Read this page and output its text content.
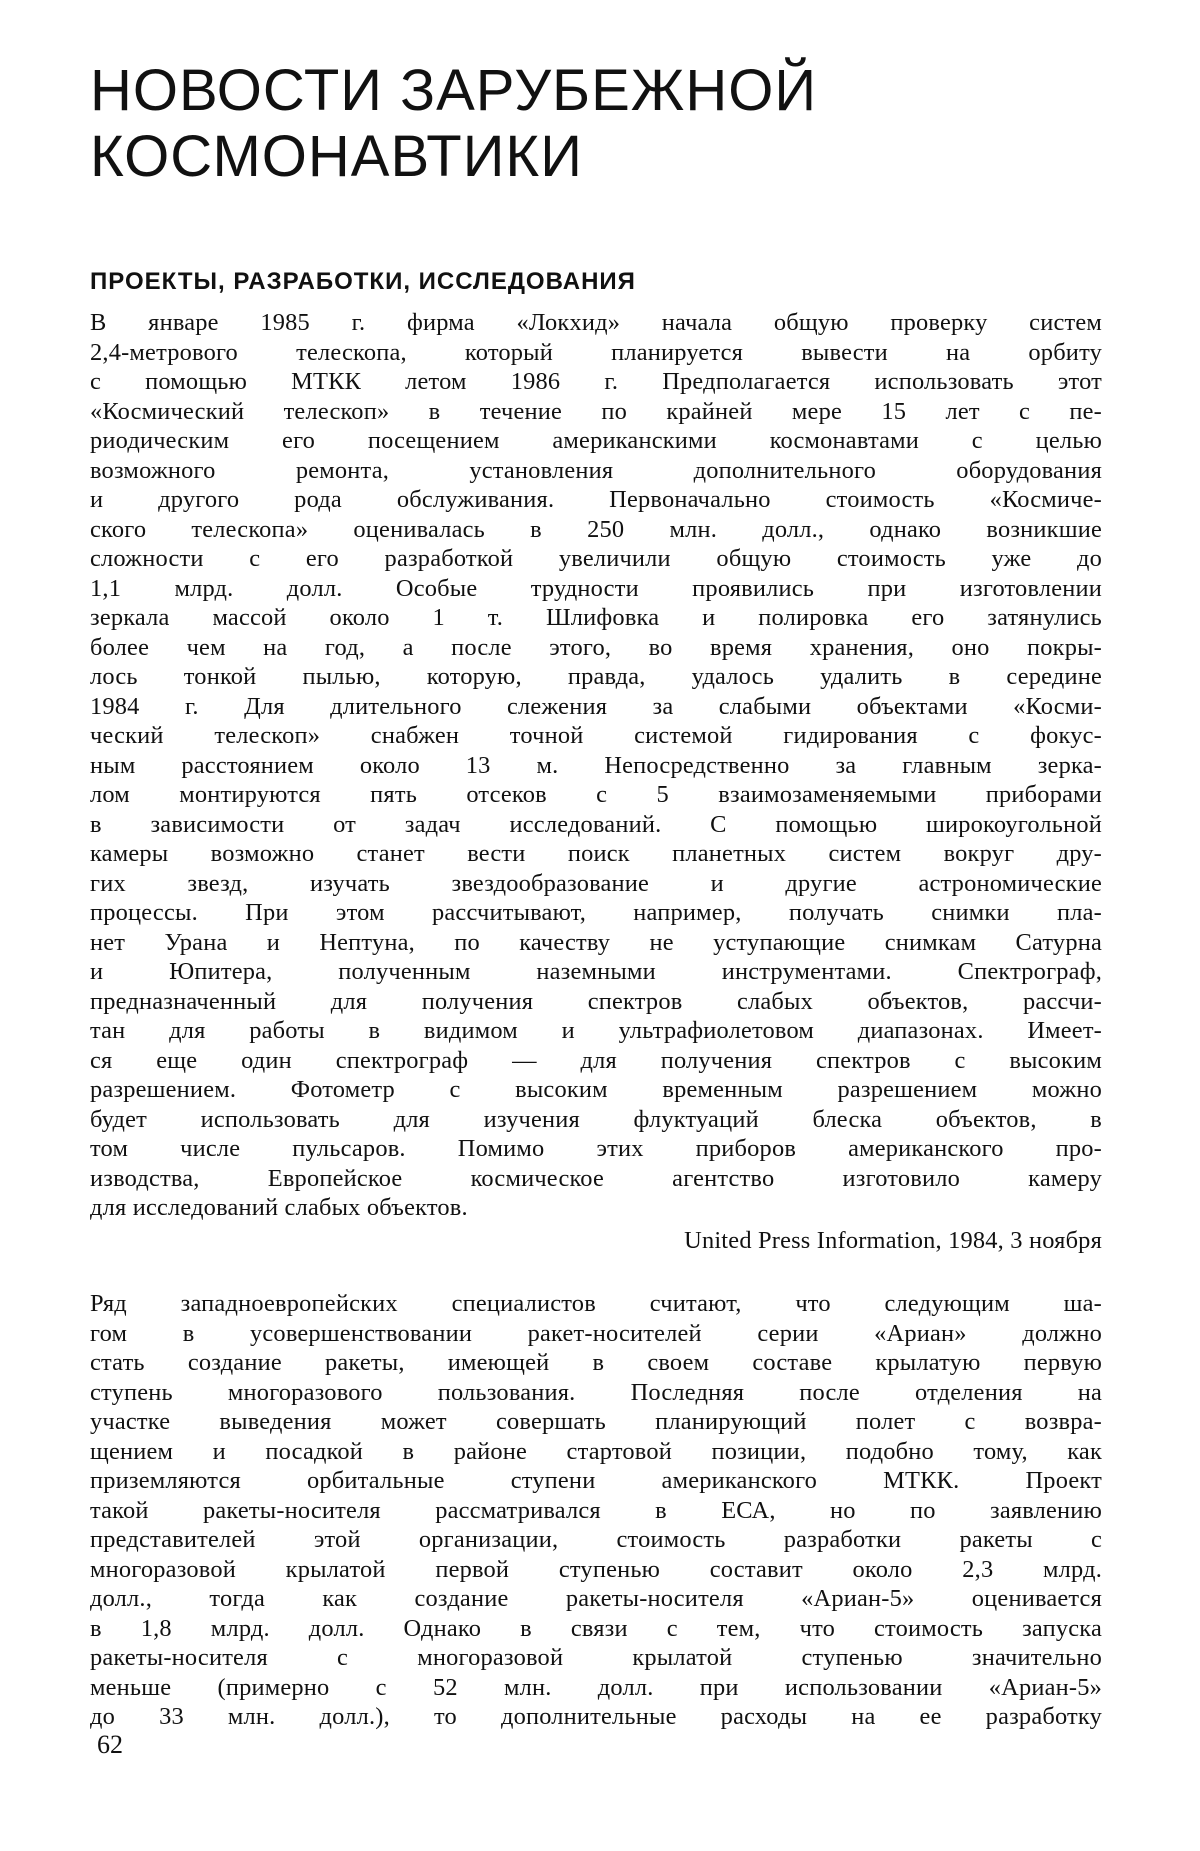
НОВОСТИ ЗАРУБЕЖНОЙ
КОСМОНАВТИКИ
ПРОЕКТЫ, РАЗРАБОТКИ, ИССЛЕДОВАНИЯ
В январе 1985 г. фирма «Локхид» начала общую проверку систем
2,4-метрового телескопа, который планируется вывести на орбиту
с помощью МТКК летом 1986 г. Предполагается использовать этот
«Космический телескоп» в течение по крайней мере 15 лет с пе-
риодическим его посещением американскими космонавтами с целью
возможного ремонта, установления дополнительного оборудования
и другого рода обслуживания. Первоначально стоимость «Космиче-
ского телескопа» оценивалась в 250 млн. долл., однако возникшие
сложности с его разработкой увеличили общую стоимость уже до
1,1 млрд. долл. Особые трудности проявились при изготовлении
зеркала массой около 1 т. Шлифовка и полировка его затянулись
более чем на год, а после этого, во время хранения, оно покры-
лось тонкой пылью, которую, правда, удалось удалить в середине
1984 г. Для длительного слежения за слабыми объектами «Косми-
ческий телескоп» снабжен точной системой гидирования с фокус-
ным расстоянием около 13 м. Непосредственно за главным зерка-
лом монтируются пять отсеков с 5 взаимозаменяемыми приборами
в зависимости от задач исследований. С помощью широкоугольной
камеры возможно станет вести поиск планетных систем вокруг дру-
гих звезд, изучать звездообразование и другие астрономические
процессы. При этом рассчитывают, например, получать снимки пла-
нет Урана и Нептуна, по качеству не уступающие снимкам Сатурна
и Юпитера, полученным наземными инструментами. Спектрограф,
предназначенный для получения спектров слабых объектов, рассчи-
тан для работы в видимом и ультрафиолетовом диапазонах. Имеет-
ся еще один спектрограф — для получения спектров с высоким
разрешением. Фотометр с высоким временным разрешением можно
будет использовать для изучения флуктуаций блеска объектов, в
том числе пульсаров. Помимо этих приборов американского про-
изводства, Европейское космическое агентство изготовило камеру
для исследований слабых объектов.
United Press Information, 1984, 3 ноября
Ряд западноевропейских специалистов считают, что следующим ша-
гом в усовершенствовании ракет-носителей серии «Ариан» должно
стать создание ракеты, имеющей в своем составе крылатую первую
ступень многоразового пользования. Последняя после отделения на
участке выведения может совершать планирующий полет с возвра-
щением и посадкой в районе стартовой позиции, подобно тому, как
приземляются орбитальные ступени американского МТКК. Проект
такой ракеты-носителя рассматривался в ЕСА, но по заявлению
представителей этой организации, стоимость разработки ракеты с
многоразовой крылатой первой ступенью составит около 2,3 млрд.
долл., тогда как создание ракеты-носителя «Ариан-5» оценивается
в 1,8 млрд. долл. Однако в связи с тем, что стоимость запуска
ракеты-носителя с многоразовой крылатой ступенью значительно
меньше (примерно с 52 млн. долл. при использовании «Ариан-5»
до 33 млн. долл.), то дополнительные расходы на ее разработку
62
